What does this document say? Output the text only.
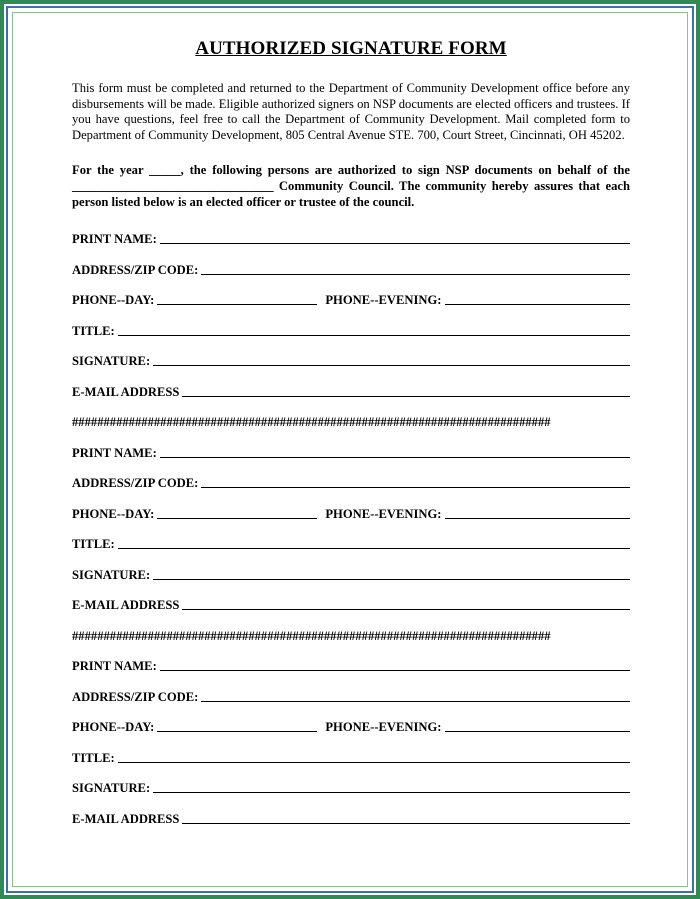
AUTHORIZED SIGNATURE FORM
This form must be completed and returned to the Department of Community Development office before any disbursements will be made. Eligible authorized signers on NSP documents are elected officers and trustees. If you have questions, feel free to call the Department of Community Development. Mail completed form to Department of Community Development, 805 Central Avenue STE. 700, Court Street, Cincinnati, OH 45202.
For the year _____, the following persons are authorized to sign NSP documents on behalf of the ________________________________ Community Council. The community hereby assures that each person listed below is an elected officer or trustee of the council.
PRINT NAME:
ADDRESS/ZIP CODE:
PHONE--DAY:	PHONE--EVENING:
TITLE:
SIGNATURE:
E-MAIL ADDRESS
############################################################################
PRINT NAME:
ADDRESS/ZIP CODE:
PHONE--DAY:	PHONE--EVENING:
TITLE:
SIGNATURE:
E-MAIL ADDRESS
############################################################################
PRINT NAME:
ADDRESS/ZIP CODE:
PHONE--DAY:	PHONE--EVENING:
TITLE:
SIGNATURE:
E-MAIL ADDRESS
